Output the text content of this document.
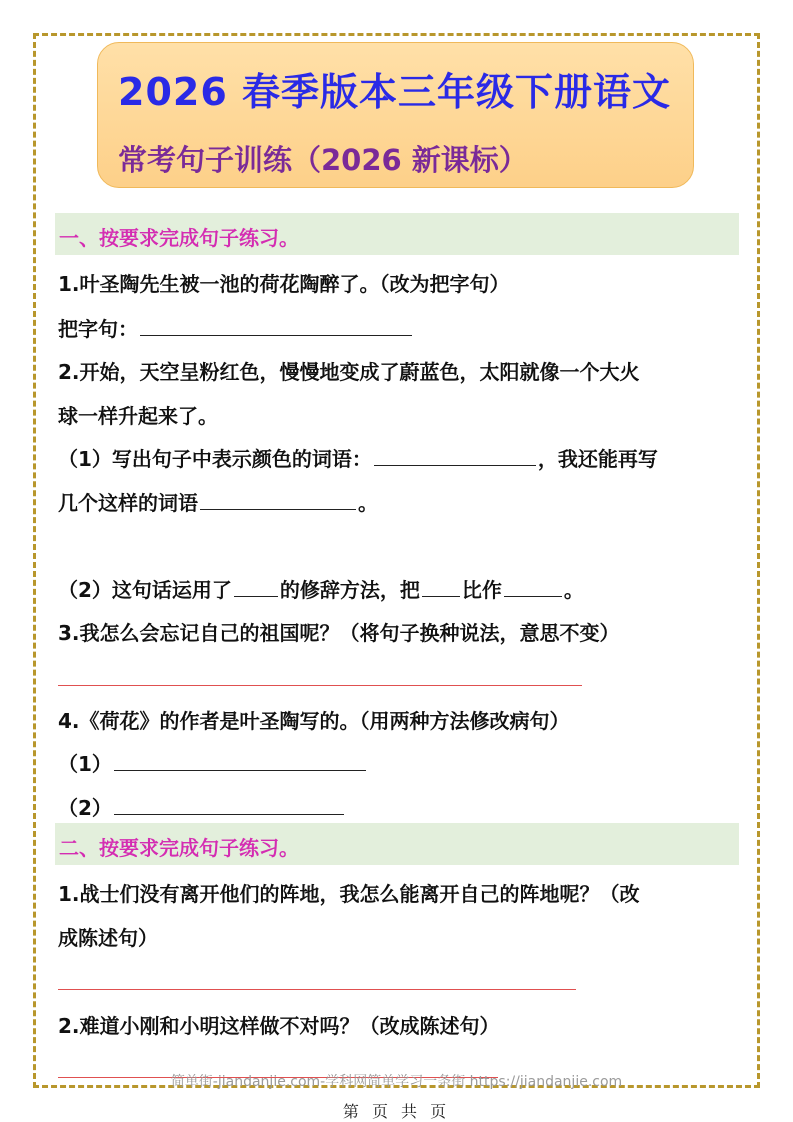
2026 春季版本三年级下册语文
常考句子训练（2026 新课标）
一、按要求完成句子练习。
1.叶圣陶先生被一池的荷花陶醉了。（改为把字句）
把字句：
2.开始，天空呈粉红色，慢慢地变成了蔚蓝色，太阳就像一个大火
球一样升起来了。
（1）写出句子中表示颜色的词语：	，我还能再写
几个这样的词语	。
（2）这句话运用了 的修辞方法，把 比作	。
3.我怎么会忘记自己的祖国呢？（将句子换种说法，意思不变）
4.《荷花》的作者是叶圣陶写的。（用两种方法修改病句）
（1）
（2）
二、按要求完成句子练习。
1.战士们没有离开他们的阵地，我怎么能离开自己的阵地呢？（改
成陈述句）
2.难道小刚和小明这样做不对吗？（改成陈述句）
简单街-jiandanjie.com-学科网简单学习一条街 https://jiandanjie.com
第 页 共 页
